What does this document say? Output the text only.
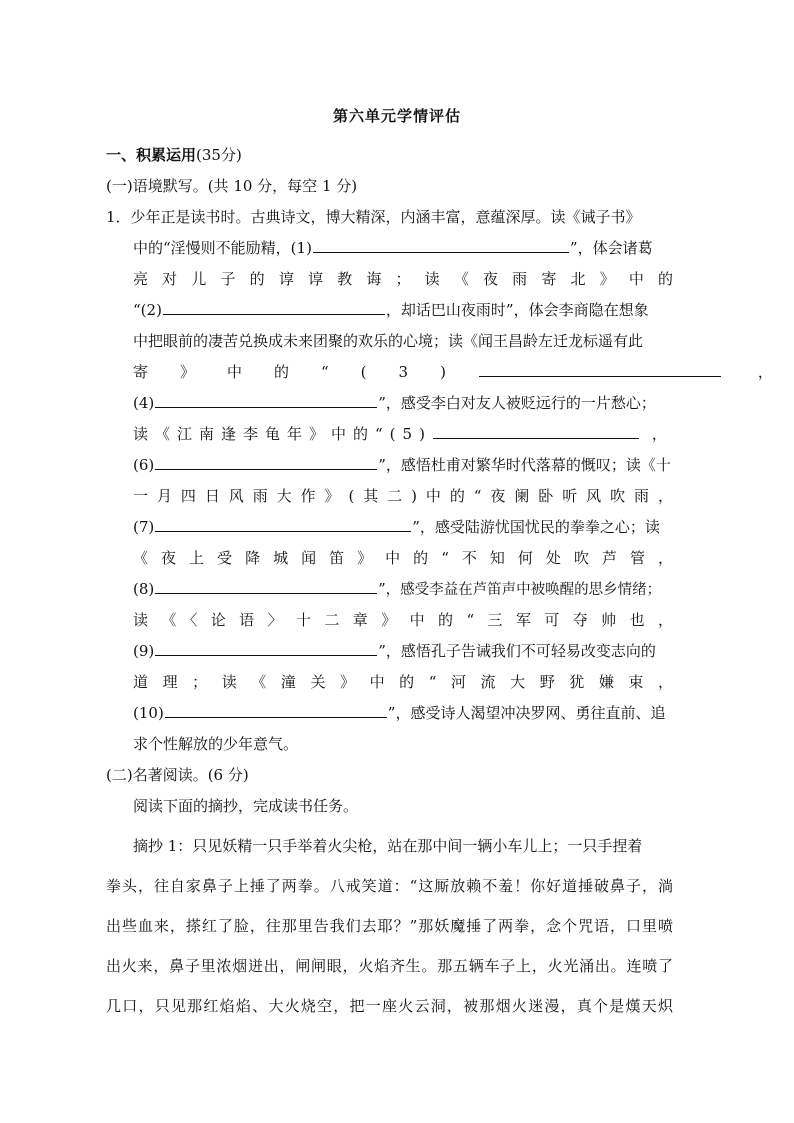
第六单元学情评估
一、积累运用(35分)
(一)语境默写。(共 10 分，每空 1 分)
1．少年正是读书时。古典诗文，博大精深，内涵丰富，意蕴深厚。读《诫子书》
中的“淫慢则不能励精，(1)	”，体会诸葛
亮对儿子的谆谆教诲；读《夜雨寄北》中的
“(2)	，却话巴山夜雨时”，体会李商隐在想象
中把眼前的凄苦兑换成未来团聚的欢乐的心境；读《闻王昌龄左迁龙标遥有此
寄》中的“(3)	，
(4)	”，感受李白对友人被贬远行的一片愁心；
读《江南逢李龟年》中的“(5)	，
(6)	”，感悟杜甫对繁华时代落幕的慨叹；读《十
一月四日风雨大作》(其二)中的“夜阑卧听风吹雨，
(7)	”，感受陆游忧国忧民的拳拳之心；读
《夜上受降城闻笛》中的“不知何处吹芦管，
(8)	”，感受李益在芦笛声中被唤醒的思乡情绪；
读《〈论语〉十二章》中的“三军可夺帅也，
(9)	”，感悟孔子告诫我们不可轻易改变志向的
道理；读《潼关》中的“河流大野犹嫌束，
(10)	”，感受诗人渴望冲决罗网、勇往直前、追
求个性解放的少年意气。
(二)名著阅读。(6 分)
阅读下面的摘抄，完成读书任务。
摘抄 1：只见妖精一只手举着火尖枪，站在那中间一辆小车儿上；一只手捏着
拳头，往自家鼻子上捶了两拳。八戒笑道：“这厮放赖不羞！你好道捶破鼻子，淌
出些血来，搽红了脸，往那里告我们去耶？”那妖魔捶了两拳，念个咒语，口里喷
出火来，鼻子里浓烟迸出，闸闸眼，火焰齐生。那五辆车子上，火光涌出。连喷了
几口，只见那红焰焰、大火烧空，把一座火云洞，被那烟火迷漫，真个是熯天炽
